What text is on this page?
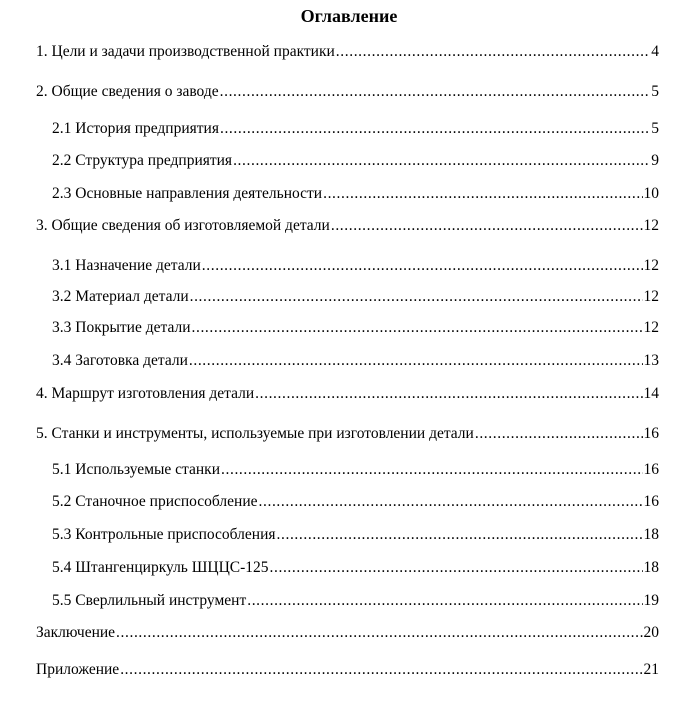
Оглавление
1. Цели и задачи производственной практики .....	4
2. Общие сведения о заводе .....	5
2.1 История предприятия .....	5
2.2 Структура предприятия .....	9
2.3 Основные направления деятельности .....	10
3. Общие сведения об изготовляемой детали .....	12
3.1 Назначение детали .....	12
3.2 Материал детали .....	12
3.3 Покрытие детали .....	12
3.4 Заготовка детали .....	13
4. Маршрут изготовления детали .....	14
5. Станки и инструменты, используемые при изготовлении детали .....	16
5.1 Используемые станки .....	16
5.2 Станочное приспособление .....	16
5.3 Контрольные приспособления .....	18
5.4 Штангенциркуль ШЦЦС-125 .....	18
5.5 Сверлильный инструмент .....	19
Заключение .....	20
Приложение .....	21
